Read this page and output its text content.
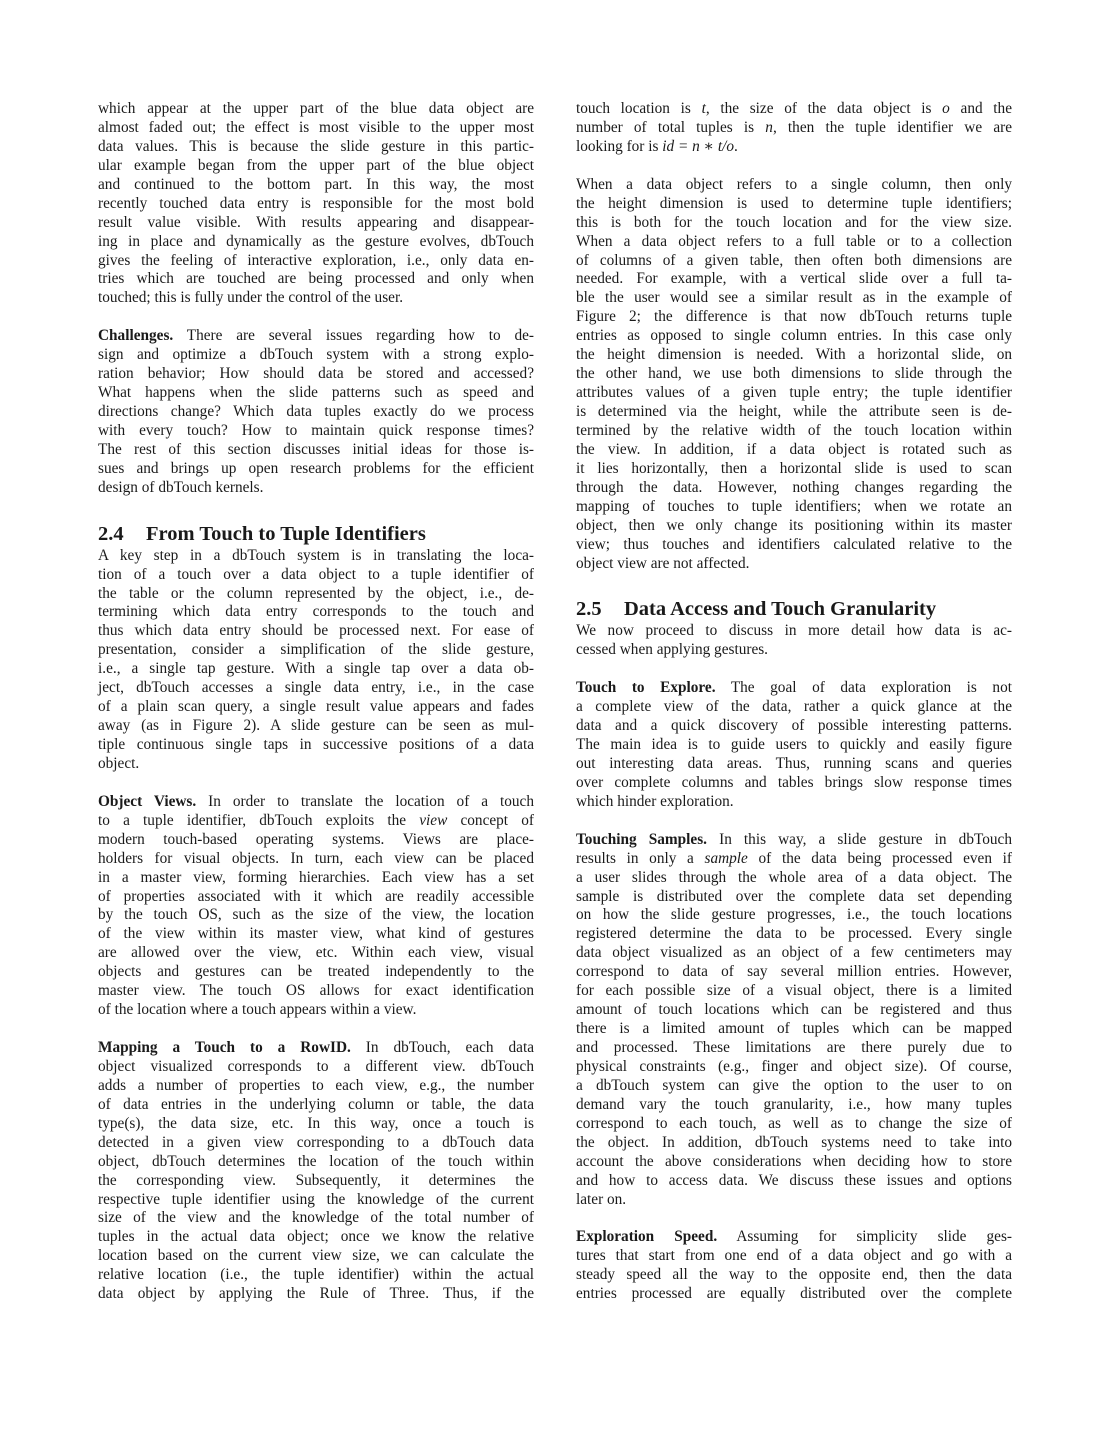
which appear at the upper part of the blue data object are
almost faded out; the effect is most visible to the upper most
data values. This is because the slide gesture in this partic-
ular example began from the upper part of the blue object
and continued to the bottom part. In this way, the most
recently touched data entry is responsible for the most bold
result value visible. With results appearing and disappear-
ing in place and dynamically as the gesture evolves, dbTouch
gives the feeling of interactive exploration, i.e., only data en-
tries which are touched are being processed and only when
touched; this is fully under the control of the user.
Challenges. There are several issues regarding how to de-
sign and optimize a dbTouch system with a strong explo-
ration behavior; How should data be stored and accessed?
What happens when the slide patterns such as speed and
directions change? Which data tuples exactly do we process
with every touch? How to maintain quick response times?
The rest of this section discusses initial ideas for those is-
sues and brings up open research problems for the efficient
design of dbTouch kernels.
2.4 From Touch to Tuple Identifiers
A key step in a dbTouch system is in translating the loca-
tion of a touch over a data object to a tuple identifier of
the table or the column represented by the object, i.e., de-
termining which data entry corresponds to the touch and
thus which data entry should be processed next. For ease of
presentation, consider a simplification of the slide gesture,
i.e., a single tap gesture. With a single tap over a data ob-
ject, dbTouch accesses a single data entry, i.e., in the case
of a plain scan query, a single result value appears and fades
away (as in Figure 2). A slide gesture can be seen as mul-
tiple continuous single taps in successive positions of a data
object.
Object Views. In order to translate the location of a touch
to a tuple identifier, dbTouch exploits the view concept of
modern touch-based operating systems. Views are place-
holders for visual objects. In turn, each view can be placed
in a master view, forming hierarchies. Each view has a set
of properties associated with it which are readily accessible
by the touch OS, such as the size of the view, the location
of the view within its master view, what kind of gestures
are allowed over the view, etc. Within each view, visual
objects and gestures can be treated independently to the
master view. The touch OS allows for exact identification
of the location where a touch appears within a view.
Mapping a Touch to a RowID. In dbTouch, each data
object visualized corresponds to a different view. dbTouch
adds a number of properties to each view, e.g., the number
of data entries in the underlying column or table, the data
type(s), the data size, etc. In this way, once a touch is
detected in a given view corresponding to a dbTouch data
object, dbTouch determines the location of the touch within
the corresponding view. Subsequently, it determines the
respective tuple identifier using the knowledge of the current
size of the view and the knowledge of the total number of
tuples in the actual data object; once we know the relative
location based on the current view size, we can calculate the
relative location (i.e., the tuple identifier) within the actual
data object by applying the Rule of Three. Thus, if the
touch location is t, the size of the data object is o and the
number of total tuples is n, then the tuple identifier we are
looking for is id = n ∗ t/o.
When a data object refers to a single column, then only
the height dimension is used to determine tuple identifiers;
this is both for the touch location and for the view size.
When a data object refers to a full table or to a collection
of columns of a given table, then often both dimensions are
needed. For example, with a vertical slide over a full ta-
ble the user would see a similar result as in the example of
Figure 2; the difference is that now dbTouch returns tuple
entries as opposed to single column entries. In this case only
the height dimension is needed. With a horizontal slide, on
the other hand, we use both dimensions to slide through the
attributes values of a given tuple entry; the tuple identifier
is determined via the height, while the attribute seen is de-
termined by the relative width of the touch location within
the view. In addition, if a data object is rotated such as
it lies horizontally, then a horizontal slide is used to scan
through the data. However, nothing changes regarding the
mapping of touches to tuple identifiers; when we rotate an
object, then we only change its positioning within its master
view; thus touches and identifiers calculated relative to the
object view are not affected.
2.5 Data Access and Touch Granularity
We now proceed to discuss in more detail how data is ac-
cessed when applying gestures.
Touch to Explore. The goal of data exploration is not
a complete view of the data, rather a quick glance at the
data and a quick discovery of possible interesting patterns.
The main idea is to guide users to quickly and easily figure
out interesting data areas. Thus, running scans and queries
over complete columns and tables brings slow response times
which hinder exploration.
Touching Samples. In this way, a slide gesture in dbTouch
results in only a sample of the data being processed even if
a user slides through the whole area of a data object. The
sample is distributed over the complete data set depending
on how the slide gesture progresses, i.e., the touch locations
registered determine the data to be processed. Every single
data object visualized as an object of a few centimeters may
correspond to data of say several million entries. However,
for each possible size of a visual object, there is a limited
amount of touch locations which can be registered and thus
there is a limited amount of tuples which can be mapped
and processed. These limitations are there purely due to
physical constraints (e.g., finger and object size). Of course,
a dbTouch system can give the option to the user to on
demand vary the touch granularity, i.e., how many tuples
correspond to each touch, as well as to change the size of
the object. In addition, dbTouch systems need to take into
account the above considerations when deciding how to store
and how to access data. We discuss these issues and options
later on.
Exploration Speed. Assuming for simplicity slide ges-
tures that start from one end of a data object and go with a
steady speed all the way to the opposite end, then the data
entries processed are equally distributed over the complete
